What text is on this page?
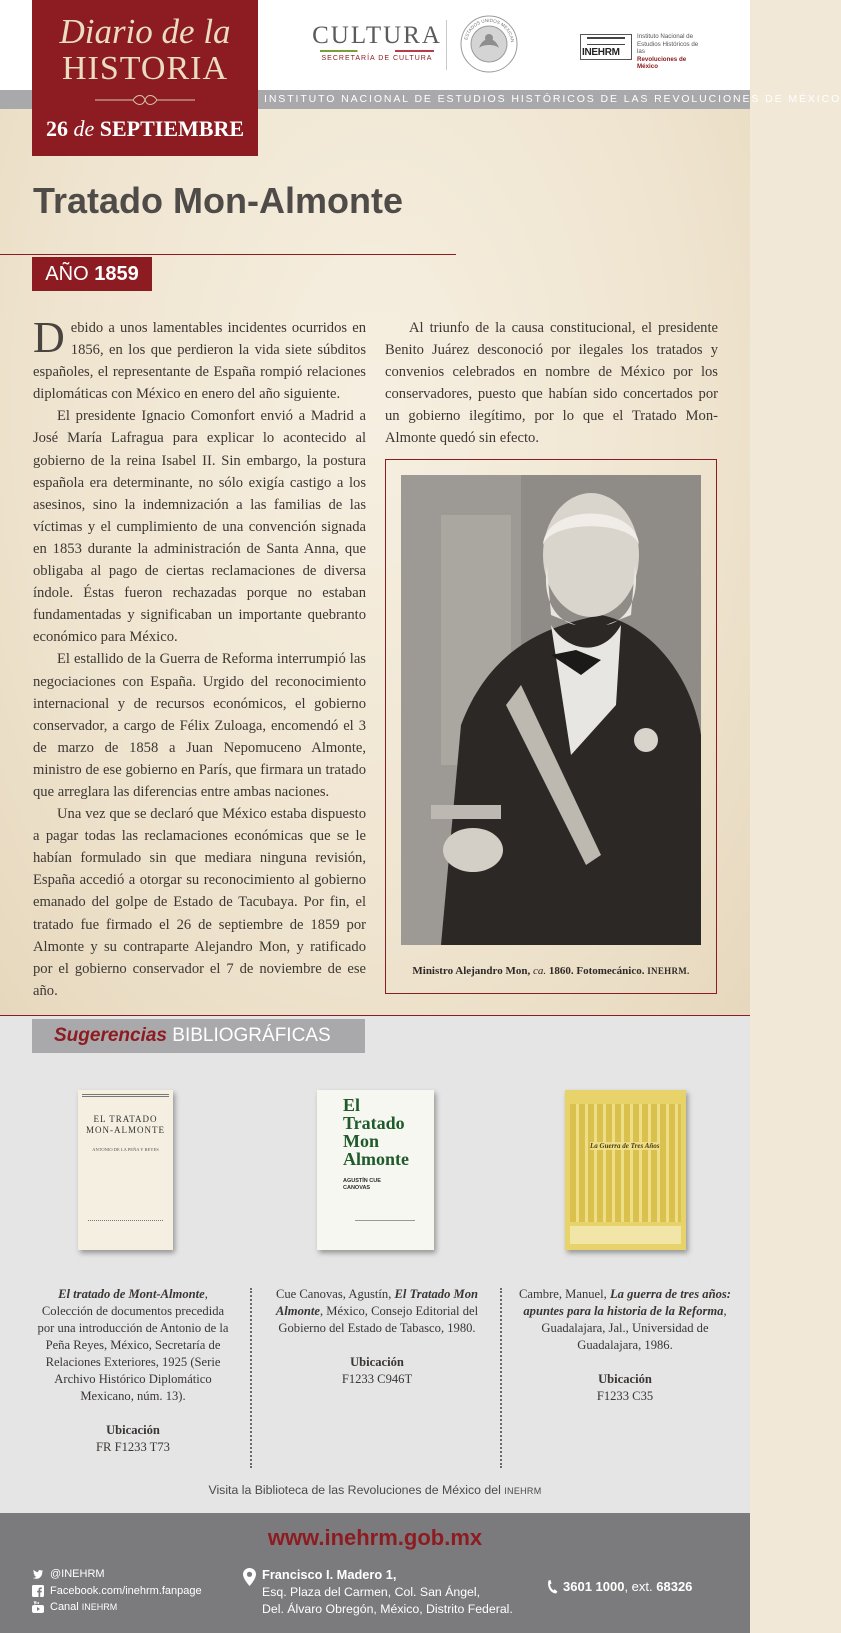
INSTITUTO NACIONAL DE ESTUDIOS HISTÓRICOS DE LAS REVOLUCIONES DE MÉXICO
Diario de la
HISTORIA
26 de SEPTIEMBRE
CULTURA
SECRETARÍA DE CULTURA
ESTADOS UNIDOS MEXICAN
INEHRM
Instituto Nacional de
Estudios Históricos de las
Revoluciones de México
Tratado Mon-Almonte
AÑO 1859

Debido a unos lamentables incidentes ocurridos en 1856, en los que perdieron la vida siete súbditos españoles, el representante de España rompió relaciones diplomáticas con México en enero del año siguiente.

El presidente Ignacio Comonfort envió a Madrid a José María Lafragua para explicar lo acontecido al gobierno de la reina Isabel II. Sin embargo, la postura española era determinante, no sólo exigía castigo a los asesinos, sino la indemnización a las familias de las víctimas y el cumplimiento de una convención signada en 1853 durante la administración de Santa Anna, que obligaba al pago de ciertas reclamaciones de diversa índole. Éstas fueron rechazadas porque no estaban fundamentadas y significaban un importante quebranto económico para México.

El estallido de la Guerra de Reforma interrumpió las negociaciones con España. Urgido del reconocimiento internacional y de recursos económicos, el gobierno conservador, a cargo de Félix Zuloaga, encomendó el 3 de marzo de 1858 a Juan Nepomuceno Almonte, ministro de ese gobierno en París, que firmara un tratado que arreglara las diferencias entre ambas naciones.

Una vez que se declaró que México estaba dispuesto a pagar todas las reclamaciones económicas que se le habían formulado sin que mediara ninguna revisión, España accedió a otorgar su reconocimiento al gobierno emanado del golpe de Estado de Tacubaya. Por fin, el tratado fue firmado el 26 de septiembre de 1859 por Almonte y su contraparte Alejandro Mon, y ratificado por el gobierno conservador el 7 de noviembre de ese año.

Al triunfo de la causa constitucional, el presidente Benito Juárez desconoció por ilegales los tratados y convenios celebrados en nombre de México por los conservadores, puesto que habían sido concertados por un gobierno ilegítimo, por lo que el Tratado Mon-Almonte quedó sin efecto.

Ministro Alejandro Mon, ca. 1860. Fotomecánico. INEHRM.
Sugerencias BIBLIOGRÁFICAS
EL TRATADO
MON-ALMONTE
ANTONIO DE LA PEÑA Y REYES
El
Tratado
Mon
Almonte
AGUSTÍN CUE
CANOVAS
La Guerra de Tres Años
El tratado de Mont-Almonte, Colección de documentos precedida por una introducción de Antonio de la Peña Reyes, México, Secretaría de Relaciones Exteriores, 1925 (Serie Archivo Histórico Diplomático Mexicano, núm. 13).
Ubicación
FR F1233 T73
Cue Canovas, Agustín, El Tratado Mon Almonte, México, Consejo Editorial del Gobierno del Estado de Tabasco, 1980.
Ubicación
F1233 C946T
Cambre, Manuel, La guerra de tres años: apuntes para la historia de la Reforma, Guadalajara, Jal., Universidad de Guadalajara, 1986.
Ubicación
F1233 C35
Visita la Biblioteca de las Revoluciones de México del INEHRM
www.inehrm.gob.mx
@INEHRM
Facebook.com/inehrm.fanpage
Canal INEHRM
Francisco I. Madero 1,
Esq. Plaza del Carmen, Col. San Ángel,
Del. Álvaro Obregón, México, Distrito Federal.
3601 1000, ext. 68326
